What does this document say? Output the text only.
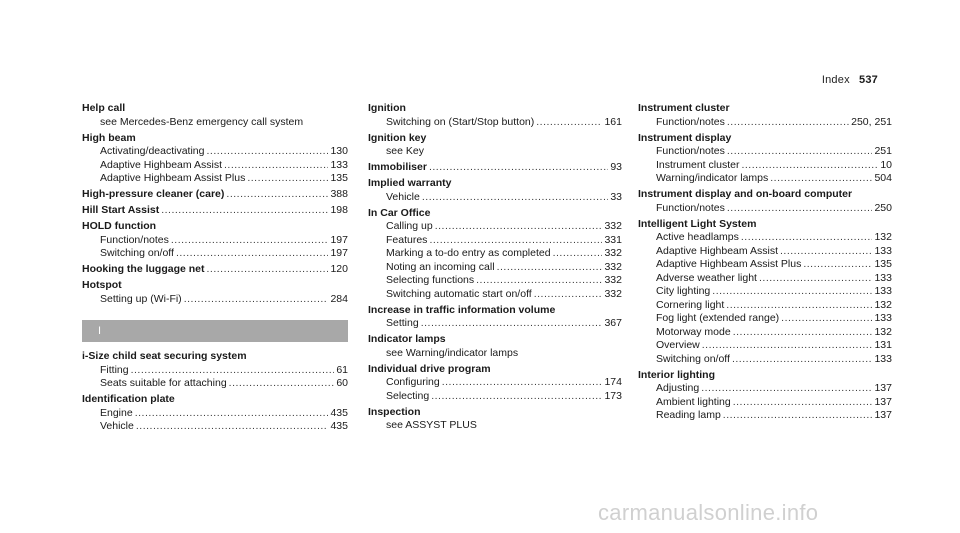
Index 537
Help call
see Mercedes-Benz emergency call system
High beam
Activating/deactivating .....	130
Adaptive Highbeam Assist .....	133
Adaptive Highbeam Assist Plus .....	135
High-pressure cleaner (care) .....	388
Hill Start Assist .....	198
HOLD function
Function/notes .....	197
Switching on/off .....	197
Hooking the luggage net .....	120
Hotspot
Setting up (Wi-Fi) .....	284
I
i-Size child seat securing system
Fitting .....	61
Seats suitable for attaching .....	60
Identification plate
Engine .....	435
Vehicle .....	435
Ignition
Switching on (Start/Stop button) .....	161
Ignition key
see Key
Immobiliser .....	93
Implied warranty
Vehicle .....	33
In Car Office
Calling up .....	332
Features .....	331
Marking a to-do entry as completed .....	332
Noting an incoming call .....	332
Selecting functions .....	332
Switching automatic start on/off .....	332
Increase in traffic information volume
Setting .....	367
Indicator lamps
see Warning/indicator lamps
Individual drive program
Configuring .....	174
Selecting .....	173
Inspection
see ASSYST PLUS
Instrument cluster
Function/notes .....	250, 251
Instrument display
Function/notes .....	251
Instrument cluster .....	10
Warning/indicator lamps .....	504
Instrument display and on-board computer
Function/notes .....	250
Intelligent Light System
Active headlamps .....	132
Adaptive Highbeam Assist .....	133
Adaptive Highbeam Assist Plus .....	135
Adverse weather light .....	133
City lighting .....	133
Cornering light .....	132
Fog light (extended range) .....	133
Motorway mode .....	132
Overview .....	131
Switching on/off .....	133
Interior lighting
Adjusting .....	137
Ambient lighting .....	137
Reading lamp .....	137
carmanualsonline.info
